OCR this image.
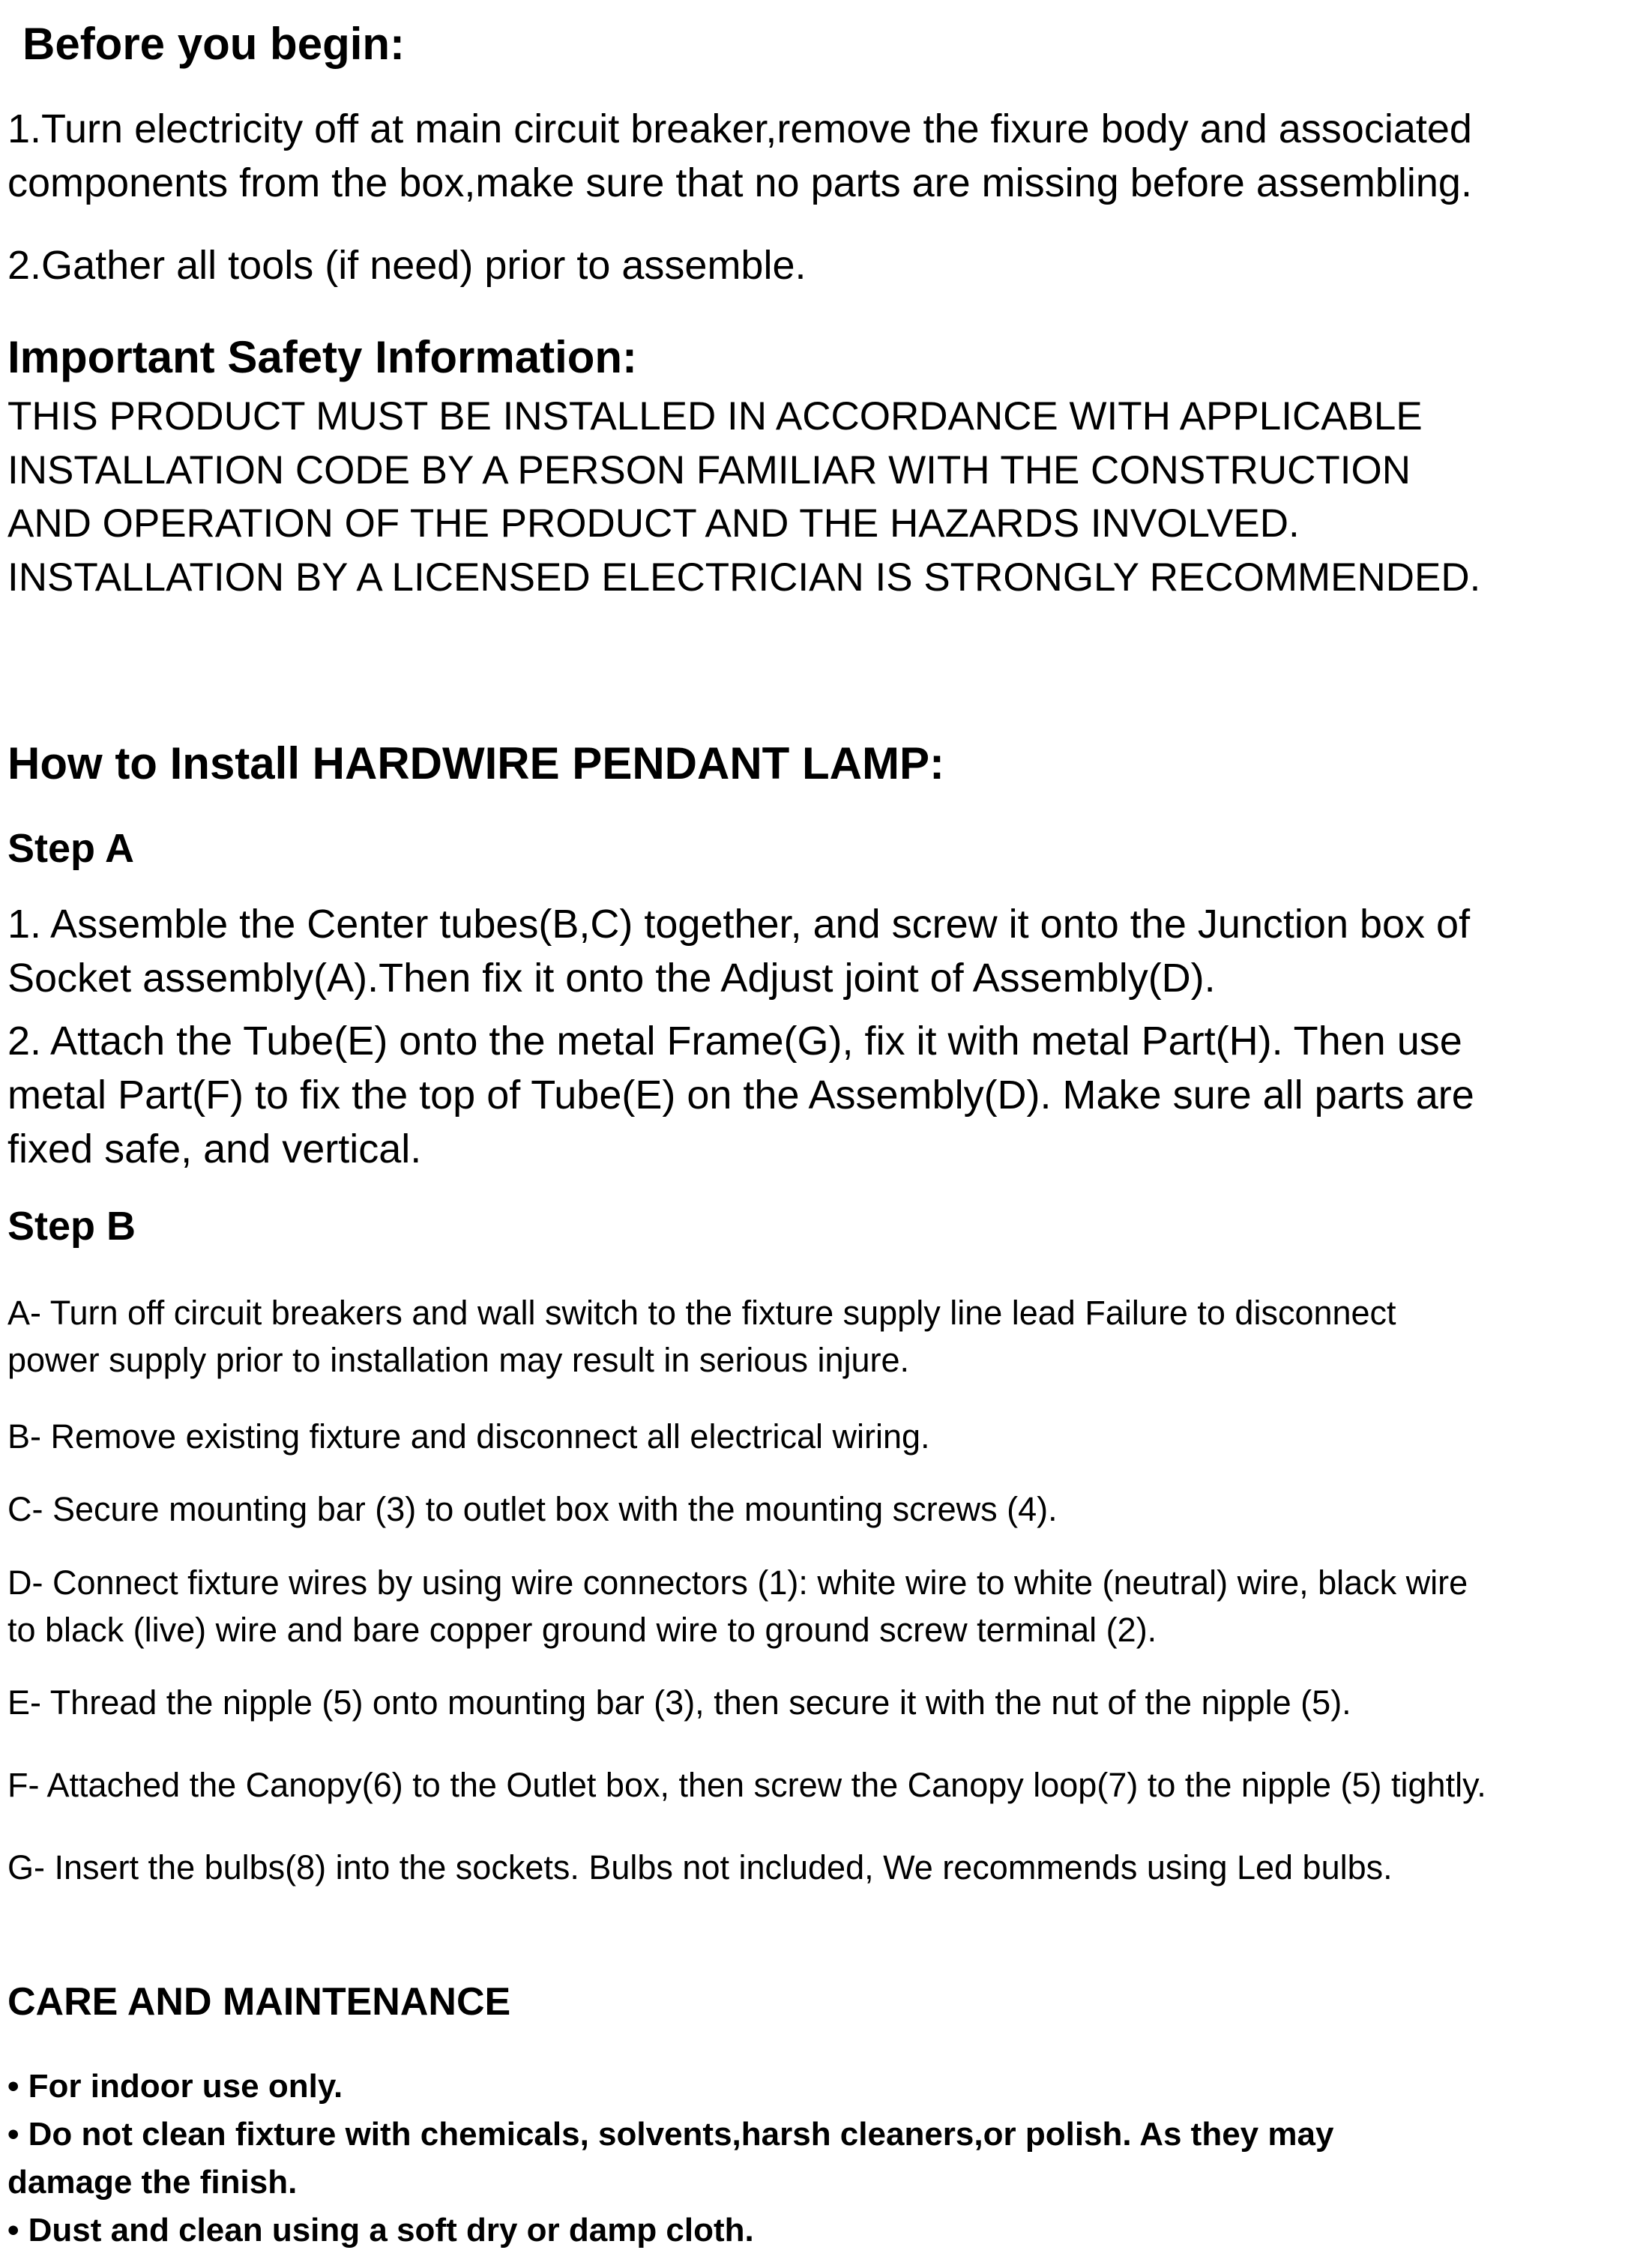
Before you begin:

1.Turn electricity off at main circuit breaker,remove the fixure body and associated
components from the box,make sure that no parts are missing before assembling.

2.Gather all tools (if need) prior to assemble.

Important Safety Information:

THIS PRODUCT MUST BE INSTALLED IN ACCORDANCE WITH APPLICABLE
INSTALLATION CODE BY A PERSON FAMILIAR WITH THE CONSTRUCTION
AND OPERATION OF THE PRODUCT AND THE HAZARDS INVOLVED.
INSTALLATION BY A LICENSED ELECTRICIAN IS STRONGLY RECOMMENDED.

How to Install HARDWIRE PENDANT LAMP:
Step A

1. Assemble the Center tubes(B,C) together, and screw it onto the Junction box of
Socket assembly(A).Then fix it onto the Adjust joint of Assembly(D).

2. Attach the Tube(E) onto the metal Frame(G), fix it with metal Part(H). Then use
metal Part(F) to fix the top of Tube(E) on the Assembly(D). Make sure all parts are
fixed safe, and vertical.

Step B

A- Turn off circuit breakers and wall switch to the fixture supply line lead Failure to disconnect
power supply prior to installation may result in serious injure.

B- Remove existing fixture and disconnect all electrical wiring.

C- Secure mounting bar (3) to outlet box with the mounting screws (4).

D- Connect fixture wires by using wire connectors (1): white wire to white (neutral) wire, black wire
to black (live) wire and bare copper ground wire to ground screw terminal (2).

E- Thread the nipple (5) onto mounting bar (3), then secure it with the nut of the nipple (5).

F- Attached the Canopy(6) to the Outlet box, then screw the Canopy loop(7) to the nipple (5) tightly.

G- Insert the bulbs(8) into the sockets. Bulbs not included, We recommends using Led bulbs.

CARE AND MAINTENANCE

• For indoor use only.

• Do not clean fixture with chemicals, solvents,harsh cleaners,or polish. As they may
damage the finish.

• Dust and clean using a soft dry or damp cloth.
